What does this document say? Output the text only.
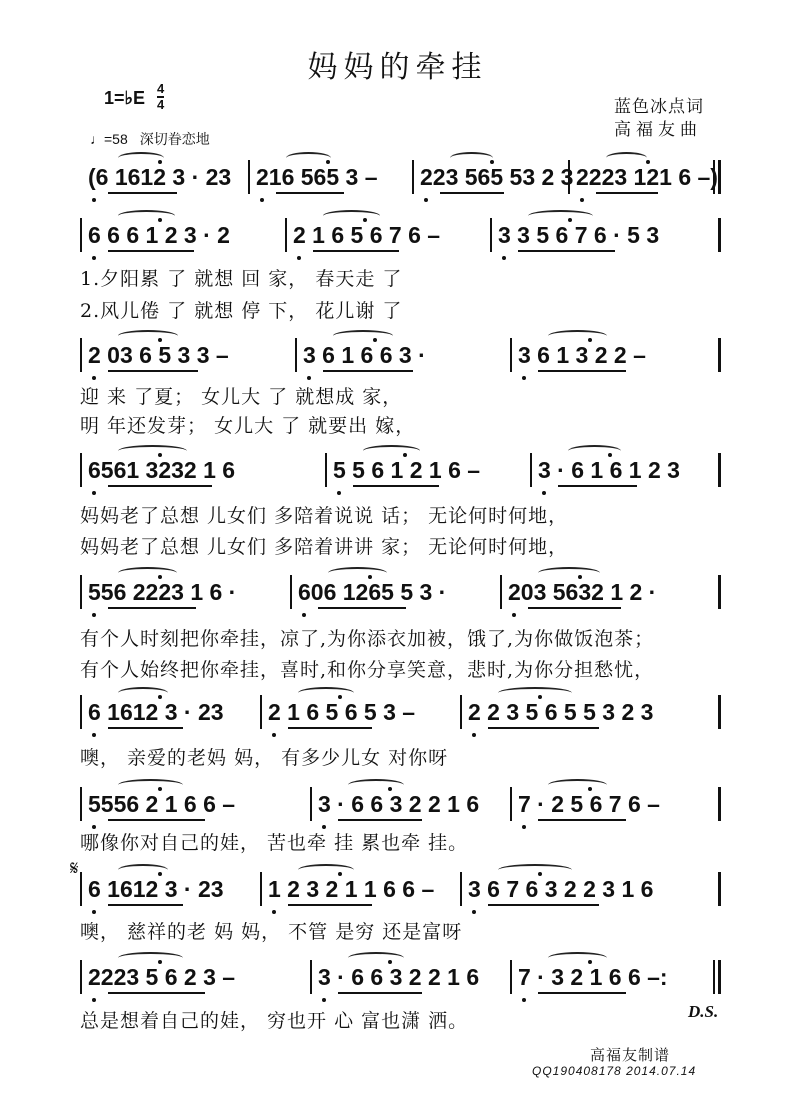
妈妈的牵挂
1=♭E 4
4	蓝色冰点词
高福友曲
♩=58 深切眷恋地
(6 1612 3 · 23 216 565 3 – 223 565 53 2 3 2223 121 6 –)
6 6 6 1 2 3 · 2	2 1 6 5 6 7 6 –	3 3 5 6 7 6 · 5 3
2 03 6 5 3 3 –	3 6 1 6 6 3 ·	3 6 1 3 2 2 –
6561 3232 1 6	5 5 6 1 2 1 6 –	3 · 6 1 6 1 2 3
556 2223 1 6 ·	606 1265 5 3 ·	203 5632 1 2 ·
6 1612 3 · 23 2 1 6 5 6 5 3 – 2 2 3 5 6 5 5 3 2 3
5556 2 1 6 6 –	3 · 6 6 3 2 2 1 6 7 · 2 5 6 7 6 –
6 1612 3 · 23 1 2 3 2 1 1 6 6 – 3 6 7 6 3 2 2 3 1 6
2223 5 6 2 3 –	3 · 6 6 3 2 2 1 6 7 · 3 2 1 6 6 –:
1.夕阳累 了 就想 回 家， 春天走 了
2.风儿倦 了 就想 停 下， 花儿谢 了
迎 来 了夏； 女儿大 了 就想成 家，
明 年还发芽； 女儿大 了 就要出 嫁，
妈妈老了总想 儿女们 多陪着说说 话； 无论何时何地，
妈妈老了总想 儿女们 多陪着讲讲 家； 无论何时何地，
有个人时刻把你牵挂，凉了,为你添衣加被，饿了,为你做饭泡茶；
有个人始终把你牵挂，喜时,和你分享笑意，悲时,为你分担愁忧，
噢， 亲爱的老妈 妈， 有多少儿女 对你呀
哪像你对自己的娃， 苦也牵 挂 累也牵 挂。
噢， 慈祥的老 妈 妈， 不管 是穷 还是富呀
总是想着自己的娃， 穷也开 心 富也潇 洒。
𝄋
D.S.
高福友制谱
QQ190408178 2014.07.14
